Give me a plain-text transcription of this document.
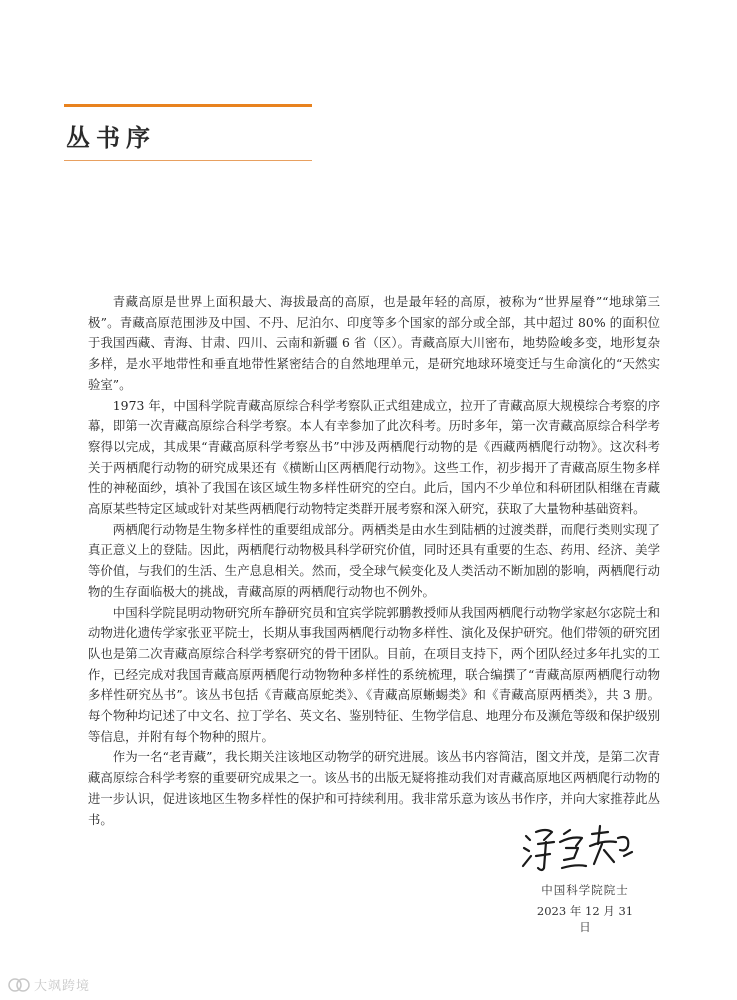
丛书序

青藏高原是世界上面积最大、海拔最高的高原，也是最年轻的高原，被称为“世界屋脊”“地球第三极”。青藏高原范围涉及中国、不丹、尼泊尔、印度等多个国家的部分或全部，其中超过 80% 的面积位于我国西藏、青海、甘肃、四川、云南和新疆 6 省（区）。青藏高原大川密布，地势险峻多变，地形复杂多样，是水平地带性和垂直地带性紧密结合的自然地理单元，是研究地球环境变迁与生命演化的“天然实验室”。

1973 年，中国科学院青藏高原综合科学考察队正式组建成立，拉开了青藏高原大规模综合考察的序幕，即第一次青藏高原综合科学考察。本人有幸参加了此次科考。历时多年，第一次青藏高原综合科学考察得以完成，其成果“青藏高原科学考察丛书”中涉及两栖爬行动物的是《西藏两栖爬行动物》。这次科考关于两栖爬行动物的研究成果还有《横断山区两栖爬行动物》。这些工作，初步揭开了青藏高原生物多样性的神秘面纱，填补了我国在该区域生物多样性研究的空白。此后，国内不少单位和科研团队相继在青藏高原某些特定区域或针对某些两栖爬行动物特定类群开展考察和深入研究，获取了大量物种基础资料。

两栖爬行动物是生物多样性的重要组成部分。两栖类是由水生到陆栖的过渡类群，而爬行类则实现了真正意义上的登陆。因此，两栖爬行动物极具科学研究价值，同时还具有重要的生态、药用、经济、美学等价值，与我们的生活、生产息息相关。然而，受全球气候变化及人类活动不断加剧的影响，两栖爬行动物的生存面临极大的挑战，青藏高原的两栖爬行动物也不例外。

中国科学院昆明动物研究所车静研究员和宜宾学院郭鹏教授师从我国两栖爬行动物学家赵尔宓院士和动物进化遗传学家张亚平院士，长期从事我国两栖爬行动物多样性、演化及保护研究。他们带领的研究团队也是第二次青藏高原综合科学考察研究的骨干团队。目前，在项目支持下，两个团队经过多年扎实的工作，已经完成对我国青藏高原两栖爬行动物物种多样性的系统梳理，联合编撰了“青藏高原两栖爬行动物多样性研究丛书”。该丛书包括《青藏高原蛇类》、《青藏高原蜥蜴类》和《青藏高原两栖类》，共 3 册。每个物种均记述了中文名、拉丁学名、英文名、鉴别特征、生物学信息、地理分布及濒危等级和保护级别等信息，并附有每个物种的照片。

作为一名“老青藏”，我长期关注该地区动物学的研究进展。该丛书内容简洁，图文并茂，是第二次青藏高原综合科学考察的重要研究成果之一。该丛书的出版无疑将推动我们对青藏高原地区两栖爬行动物的进一步认识，促进该地区生物多样性的保护和可持续利用。我非常乐意为该丛书作序，并向大家推荐此丛书。

中国科学院院士
2023 年 12 月 31 日
大飒跨境
